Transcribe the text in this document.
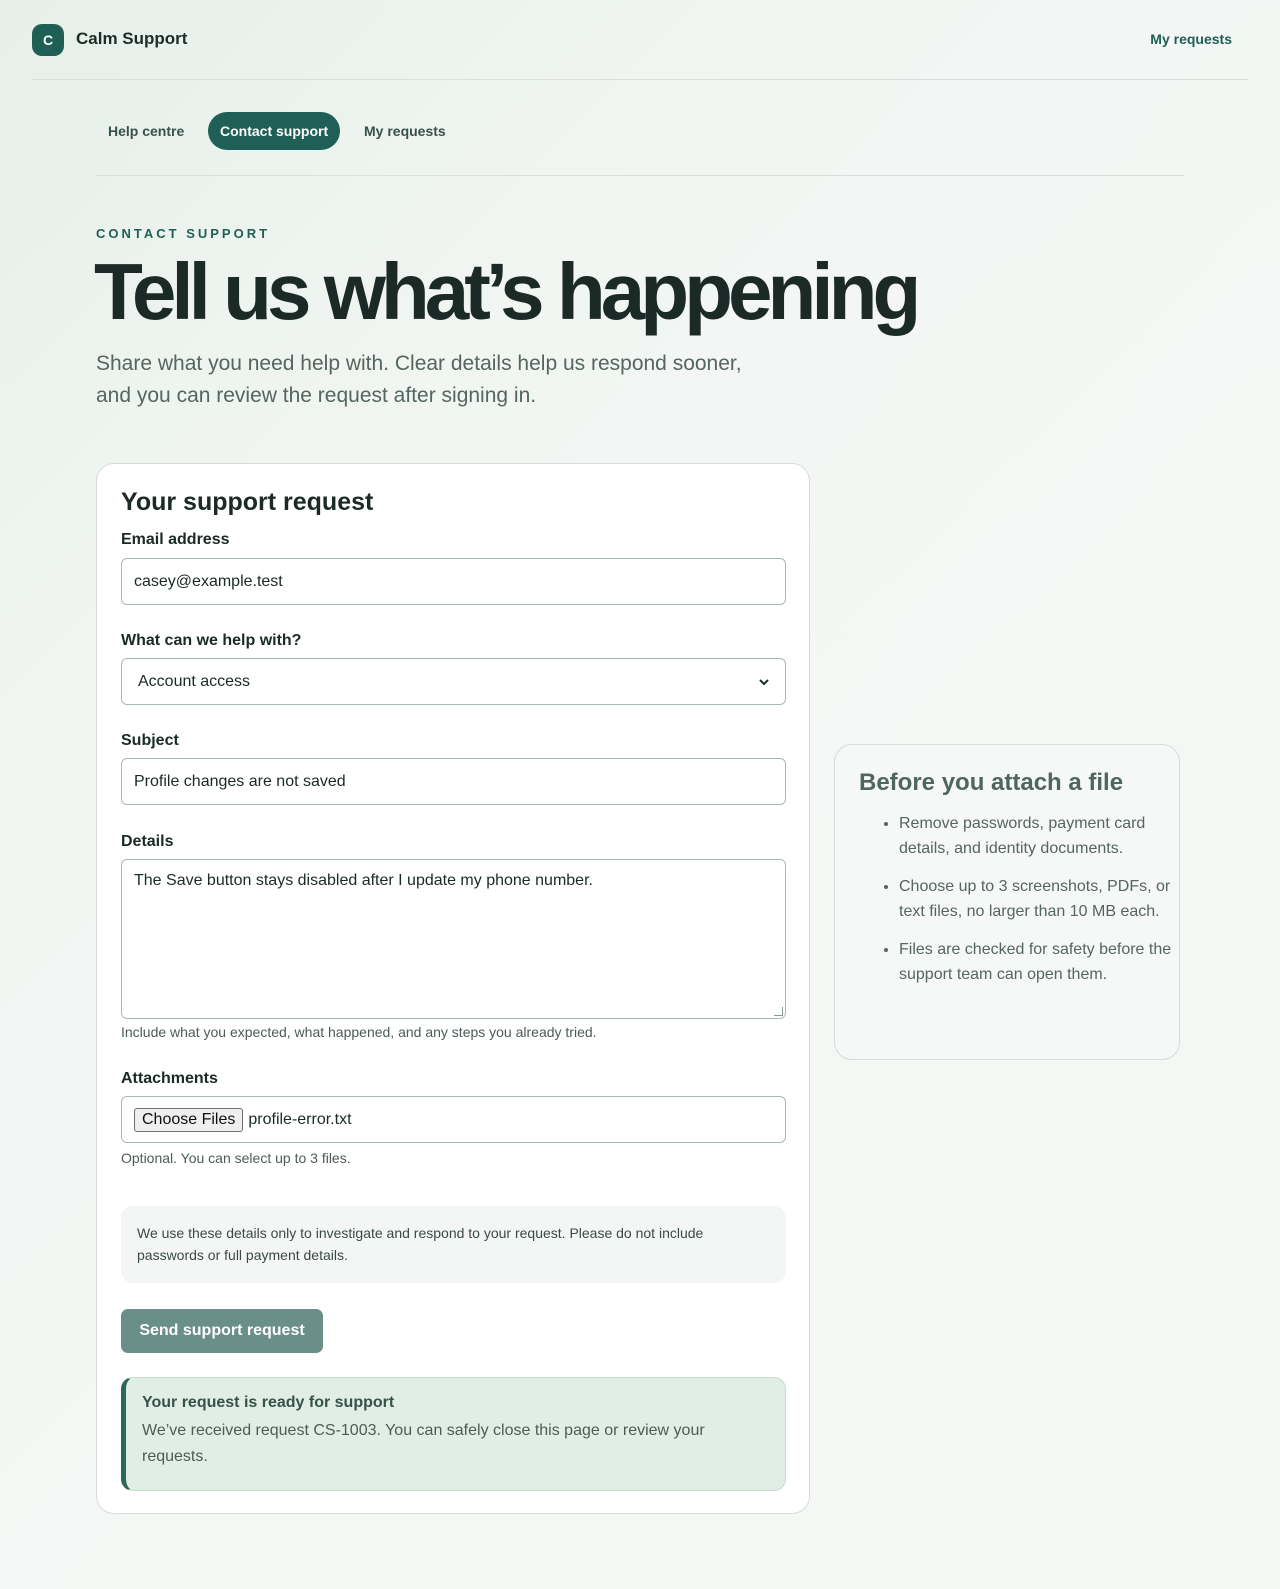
C	Calm Support	My requests
Help centre	Contact support	My requests
CONTACT SUPPORT
Tell us what’s happening
Share what you need help with. Clear details help us respond sooner, and you can review the request after signing in.
Your support request
Email address
casey@example.test
What can we help with?
Account access
Subject
Profile changes are not saved
Details
The Save button stays disabled after I update my phone number.
Include what you expected, what happened, and any steps you already tried.
Attachments
Choose Files profile-error.txt
Optional. You can select up to 3 files.
We use these details only to investigate and respond to your request. Please do not include passwords or full payment details.
Send support request
Your request is ready for support
We’ve received request CS-1003. You can safely close this page or review your requests.
Before you attach a file
• Remove passwords, payment card details, and identity documents.
• Choose up to 3 screenshots, PDFs, or text files, no larger than 10 MB each.
• Files are checked for safety before the support team can open them.
